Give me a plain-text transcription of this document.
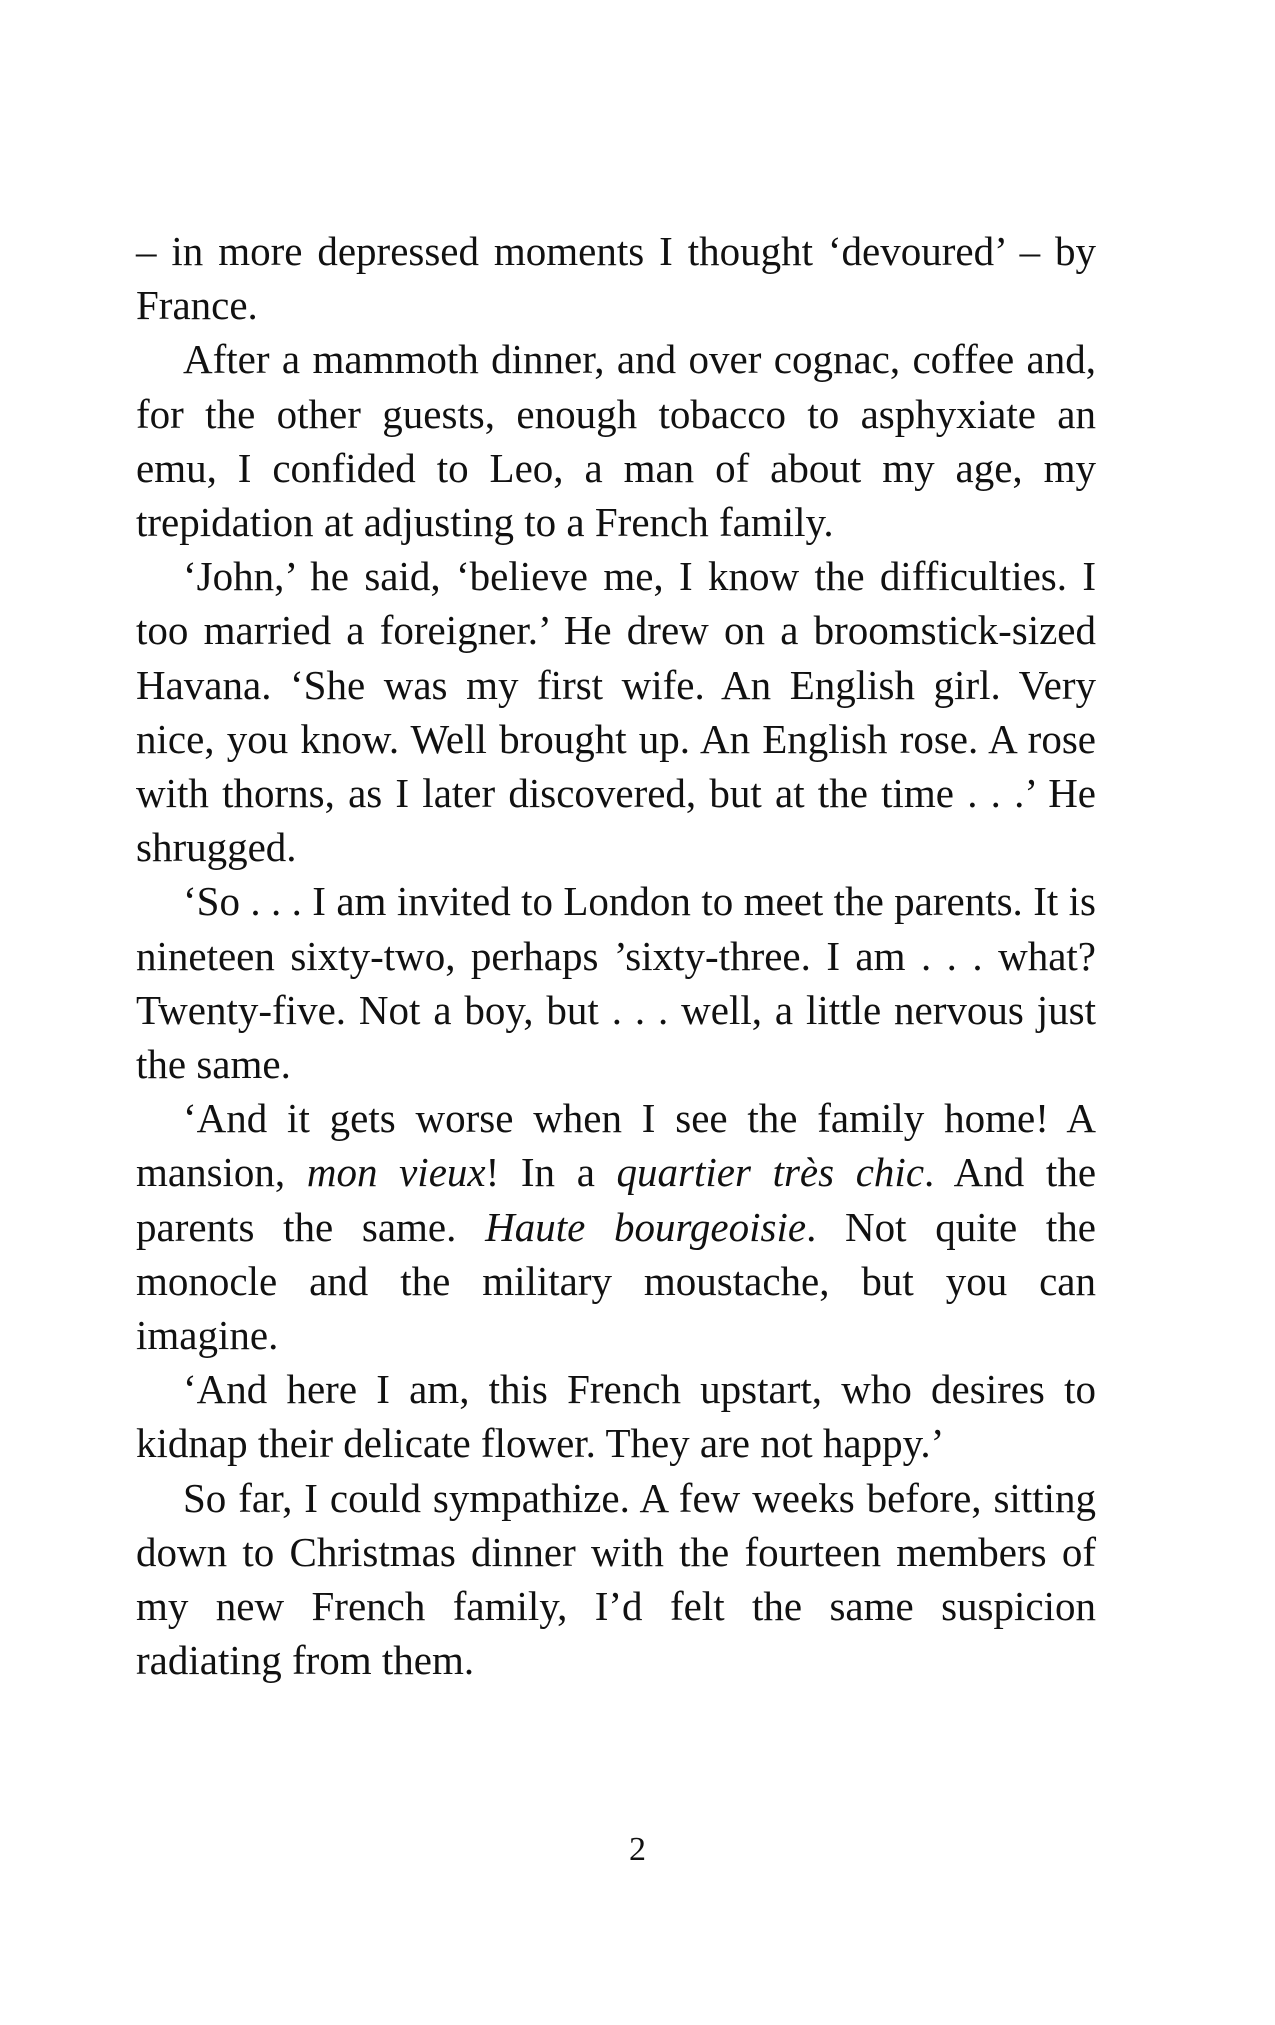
– in more depressed moments I thought ‘devoured’ – by France.

After a mammoth dinner, and over cognac, coffee and, for the other guests, enough tobacco to asphyxiate an emu, I confided to Leo, a man of about my age, my trepidation at adjusting to a French family.

‘John,’ he said, ‘believe me, I know the difficulties. I too married a foreigner.’ He drew on a broomstick-sized Havana. ‘She was my first wife. An English girl. Very nice, you know. Well brought up. An English rose. A rose with thorns, as I later discovered, but at the time . . .’ He shrugged.

‘So . . . I am invited to London to meet the parents. It is nineteen sixty-two, perhaps ’sixty-three. I am . . . what? Twenty-five. Not a boy, but . . . well, a little nervous just the same.

‘And it gets worse when I see the family home! A mansion, mon vieux! In a quartier très chic. And the parents the same. Haute bourgeoisie. Not quite the monocle and the military moustache, but you can imagine.

‘And here I am, this French upstart, who desires to kidnap their delicate flower. They are not happy.’

So far, I could sympathize. A few weeks before, sitting down to Christmas dinner with the fourteen members of my new French family, I’d felt the same suspicion radiating from them.

2
